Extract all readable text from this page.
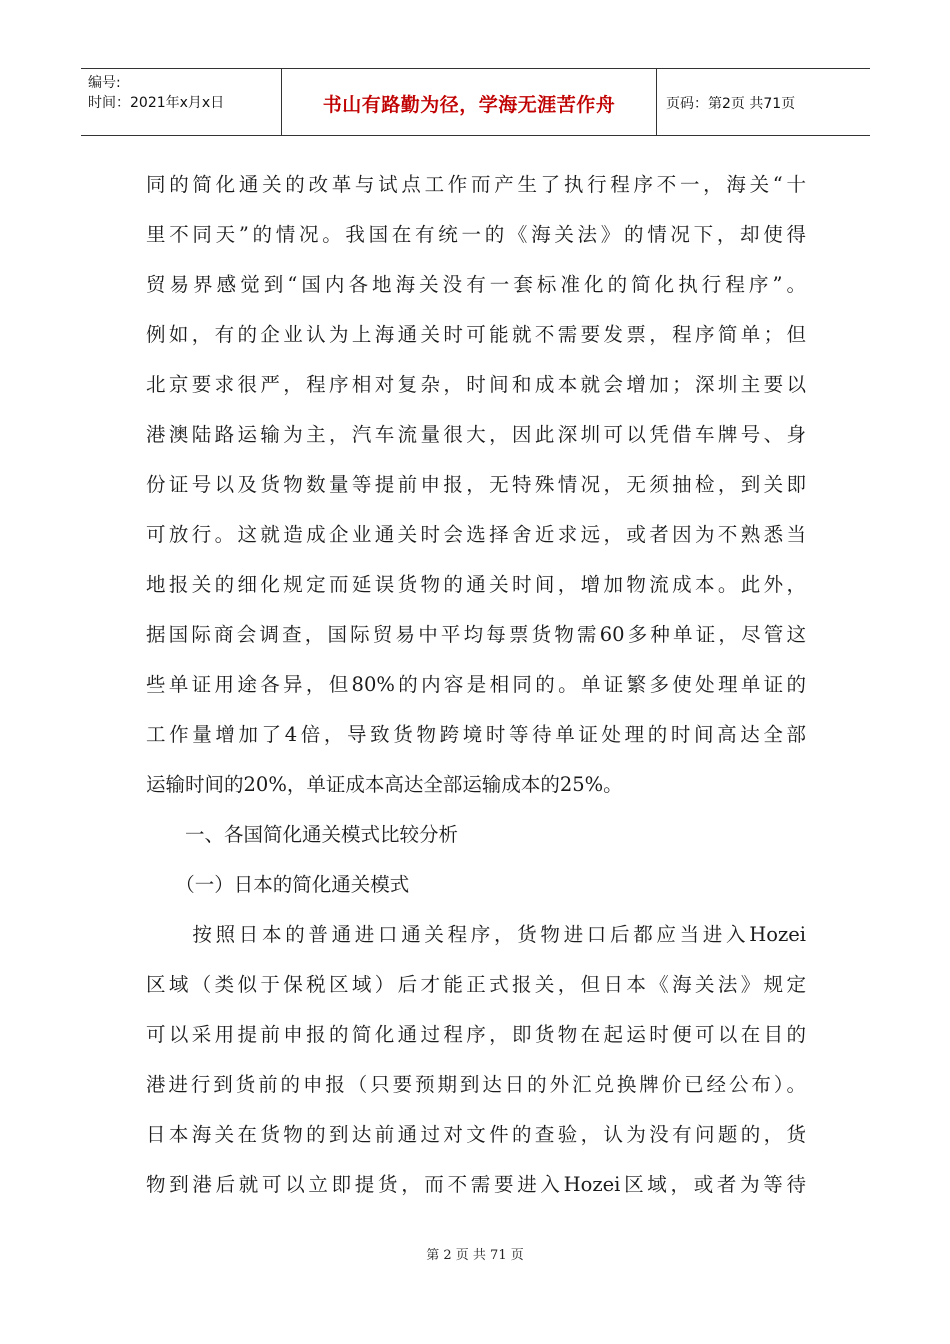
编号:
时间：2021年x月x日	书山有路勤为径，学海无涯苦作舟	页码：第2页 共71页
同的简化通关的改革与试点工作而产生了执行程序不一，海关“十
里不同天”的情况。我国在有统一的《海关法》的情况下，却使得
贸易界感觉到“国内各地海关没有一套标准化的简化执行程序”。
例如，有的企业认为上海通关时可能就不需要发票，程序简单；但
北京要求很严，程序相对复杂，时间和成本就会增加；深圳主要以
港澳陆路运输为主，汽车流量很大，因此深圳可以凭借车牌号、身
份证号以及货物数量等提前申报，无特殊情况，无须抽检，到关即
可放行。这就造成企业通关时会选择舍近求远，或者因为不熟悉当
地报关的细化规定而延误货物的通关时间，增加物流成本。此外，
据国际商会调查，国际贸易中平均每票货物需60多种单证，尽管这
些单证用途各异，但80%的内容是相同的。单证繁多使处理单证的
工作量增加了4倍，导致货物跨境时等待单证处理的时间高达全部
运输时间的20%，单证成本高达全部运输成本的25%。
　　一、各国简化通关模式比较分析
　　（一）日本的简化通关模式
　　按照日本的普通进口通关程序，货物进口后都应当进入Hozei
区域（类似于保税区域）后才能正式报关，但日本《海关法》规定
可以采用提前申报的简化通过程序，即货物在起运时便可以在目的
港进行到货前的申报（只要预期到达日的外汇兑换牌价已经公布）。
日本海关在货物的到达前通过对文件的查验，认为没有问题的，货
物到港后就可以立即提货，而不需要进入Hozei区域，或者为等待
第 2 页 共 71 页
